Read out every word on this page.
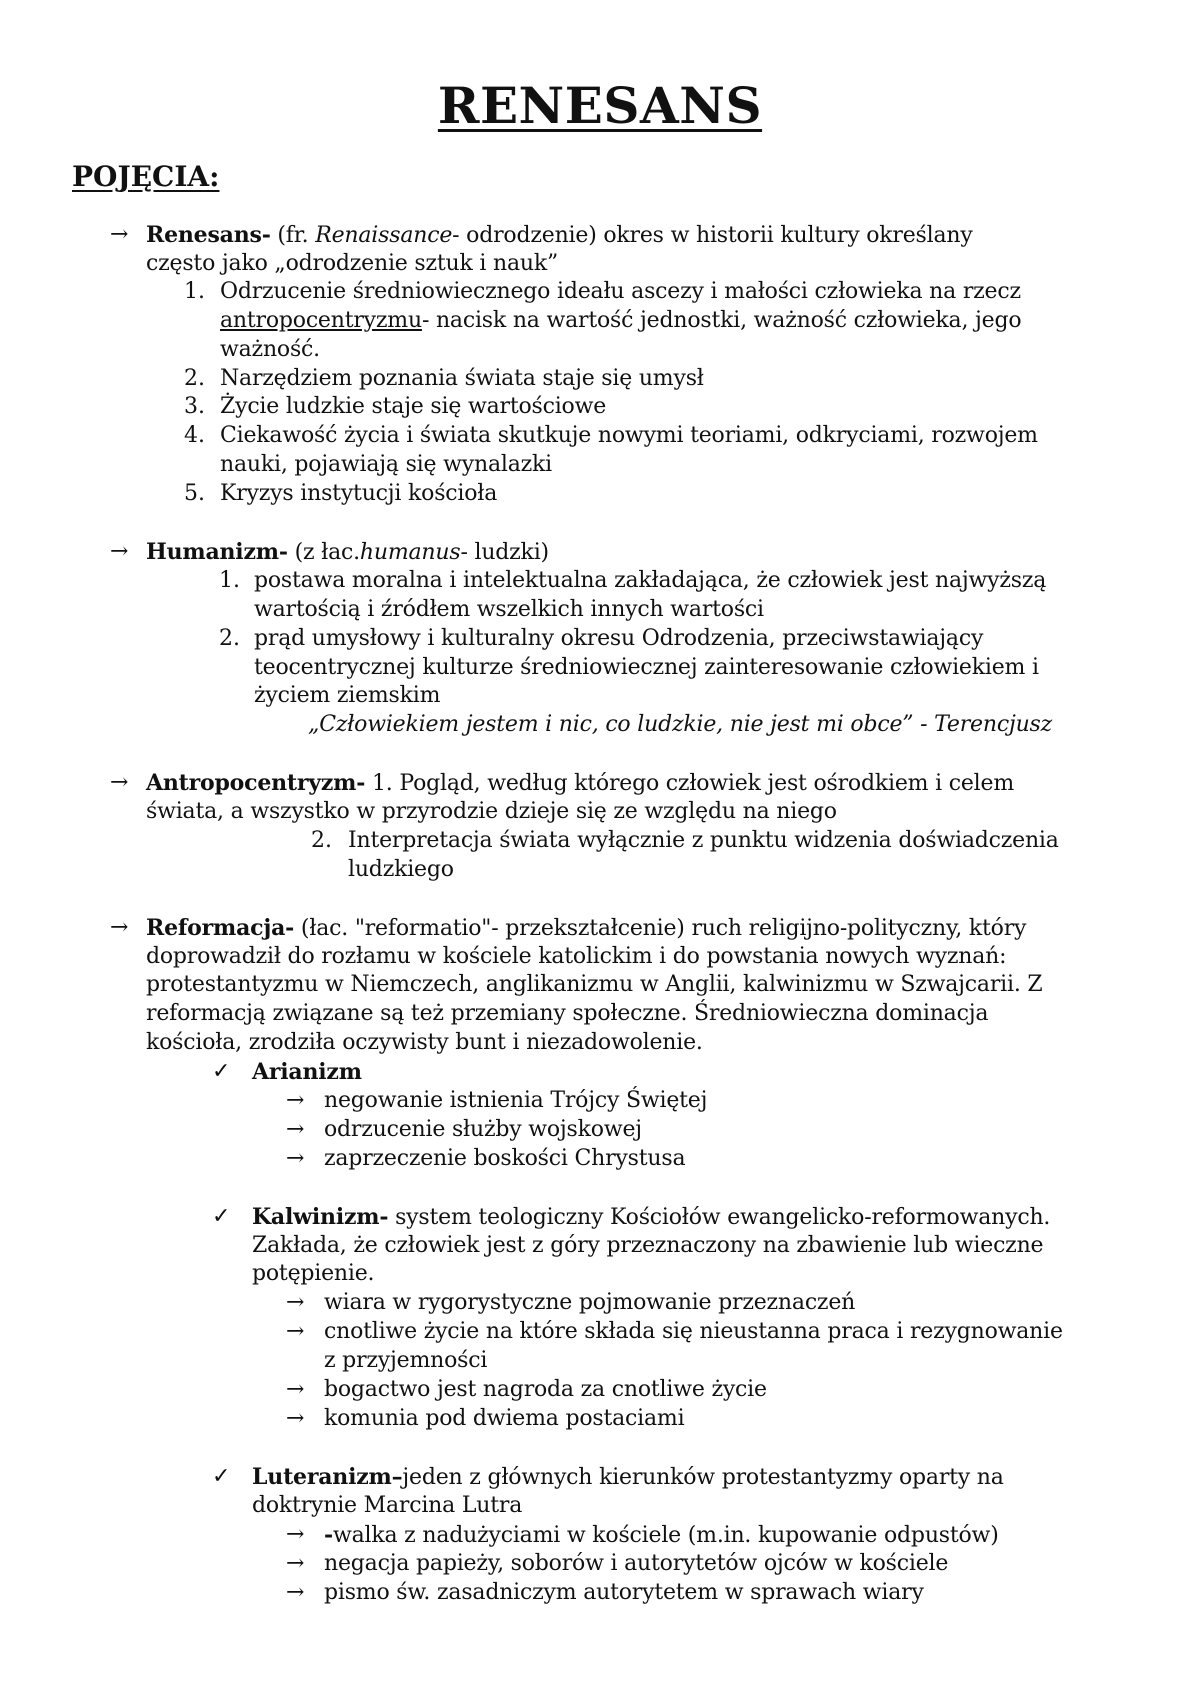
RENESANS
POJĘCIA:
→ Renesans- (fr. Renaissance- odrodzenie) okres w historii kultury określany
często jako „odrodzenie sztuk i nauk”
1. Odrzucenie średniowiecznego ideału ascezy i małości człowieka na rzecz
antropocentryzmu- nacisk na wartość jednostki, ważność człowieka, jego
ważność.
2. Narzędziem poznania świata staje się umysł
3. Życie ludzkie staje się wartościowe
4. Ciekawość życia i świata skutkuje nowymi teoriami, odkryciami, rozwojem
nauki, pojawiają się wynalazki
5. Kryzys instytucji kościoła
→ Humanizm- (z łac.humanus- ludzki)
1. postawa moralna i intelektualna zakładająca, że człowiek jest najwyższą
wartością i źródłem wszelkich innych wartości
2. prąd umysłowy i kulturalny okresu Odrodzenia, przeciwstawiający
teocentrycznej kulturze średniowiecznej zainteresowanie człowiekiem i
życiem ziemskim
„Człowiekiem jestem i nic, co ludzkie, nie jest mi obce” - Terencjusz
→ Antropocentryzm- 1. Pogląd, według którego człowiek jest ośrodkiem i celem
świata, a wszystko w przyrodzie dzieje się ze względu na niego
2. Interpretacja świata wyłącznie z punktu widzenia doświadczenia
ludzkiego
→ Reformacja- (łac. "reformatio"- przekształcenie) ruch religijno-polityczny, który
doprowadził do rozłamu w kościele katolickim i do powstania nowych wyznań:
protestantyzmu w Niemczech, anglikanizmu w Anglii, kalwinizmu w Szwajcarii. Z
reformacją związane są też przemiany społeczne. Średniowieczna dominacja
kościoła, zrodziła oczywisty bunt i niezadowolenie.
✓ Arianizm
→ negowanie istnienia Trójcy Świętej
→ odrzucenie służby wojskowej
→ zaprzeczenie boskości Chrystusa
✓ Kalwinizm- system teologiczny Kościołów ewangelicko-reformowanych.
Zakłada, że człowiek jest z góry przeznaczony na zbawienie lub wieczne
potępienie.
→ wiara w rygorystyczne pojmowanie przeznaczeń
→ cnotliwe życie na które składa się nieustanna praca i rezygnowanie
z przyjemności
→ bogactwo jest nagroda za cnotliwe życie
→ komunia pod dwiema postaciami
✓ Luteranizm–jeden z głównych kierunków protestantyzmy oparty na
doktrynie Marcina Lutra
→ -walka z nadużyciami w kościele (m.in. kupowanie odpustów)
→ negacja papieży, soborów i autorytetów ojców w kościele
→ pismo św. zasadniczym autorytetem w sprawach wiary
